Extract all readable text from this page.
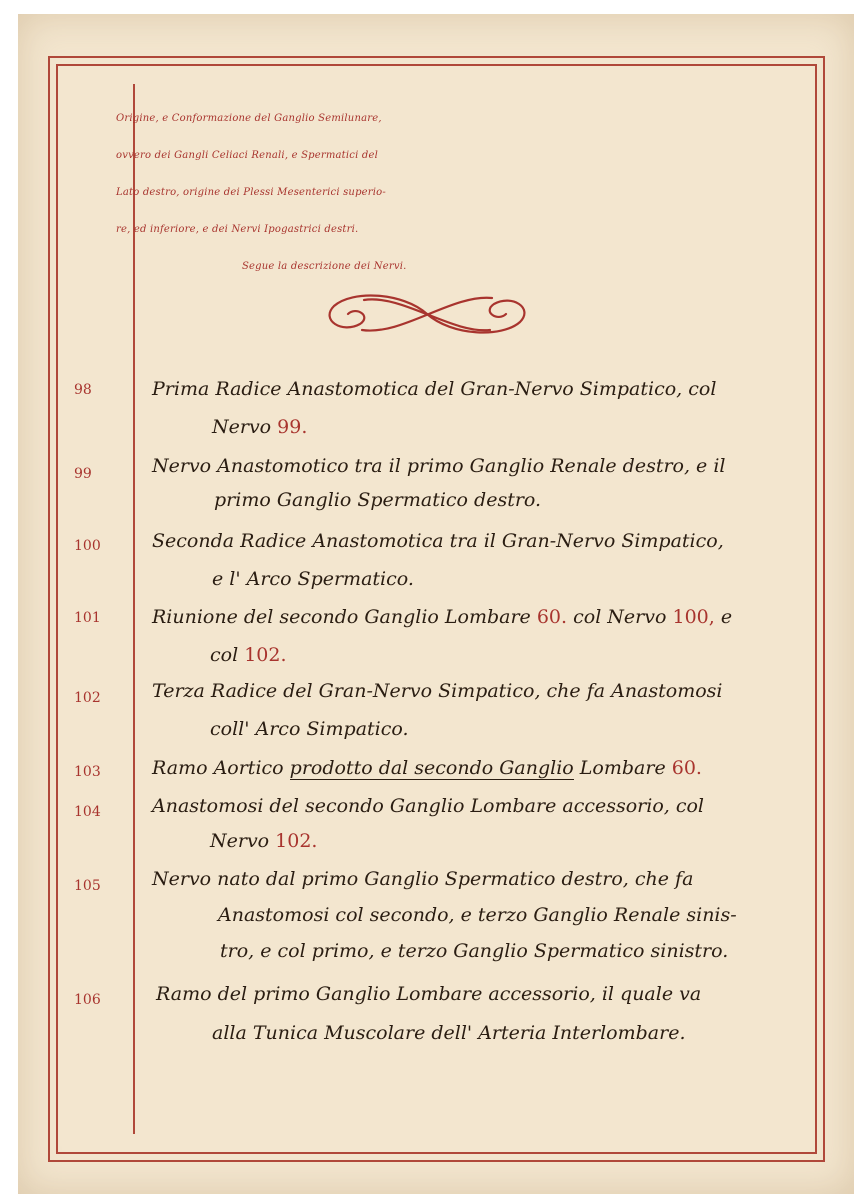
Origine, e Conformazione del Ganglio Semilunare,
ovvero dei Gangli Celiaci Renali, e Spermatici del
Lato destro, origine dei Plessi Mesenterici superio-
re, ed inferiore, e dei Nervi Ipogastrici destri.
Segue la descrizione dei Nervi.
98	Prima Radice Anastomotica del Gran-Nervo Simpatico, col
Nervo 99.
99	Nervo Anastomotico tra il primo Ganglio Renale destro, e il
primo Ganglio Spermatico destro.
100	Seconda Radice Anastomotica tra il Gran-Nervo Simpatico,
e l' Arco Spermatico.
101	Riunione del secondo Ganglio Lombare 60. col Nervo 100, e
col 102.
102	Terza Radice del Gran-Nervo Simpatico, che fa Anastomosi
coll' Arco Simpatico.
103	Ramo Aortico prodotto dal secondo Ganglio Lombare 60.
104	Anastomosi del secondo Ganglio Lombare accessorio, col
Nervo 102.
105	Nervo nato dal primo Ganglio Spermatico destro, che fa
Anastomosi col secondo, e terzo Ganglio Renale sinis-
tro, e col primo, e terzo Ganglio Spermatico sinistro.
106	Ramo del primo Ganglio Lombare accessorio, il quale va
alla Tunica Muscolare dell' Arteria Interlombare.
